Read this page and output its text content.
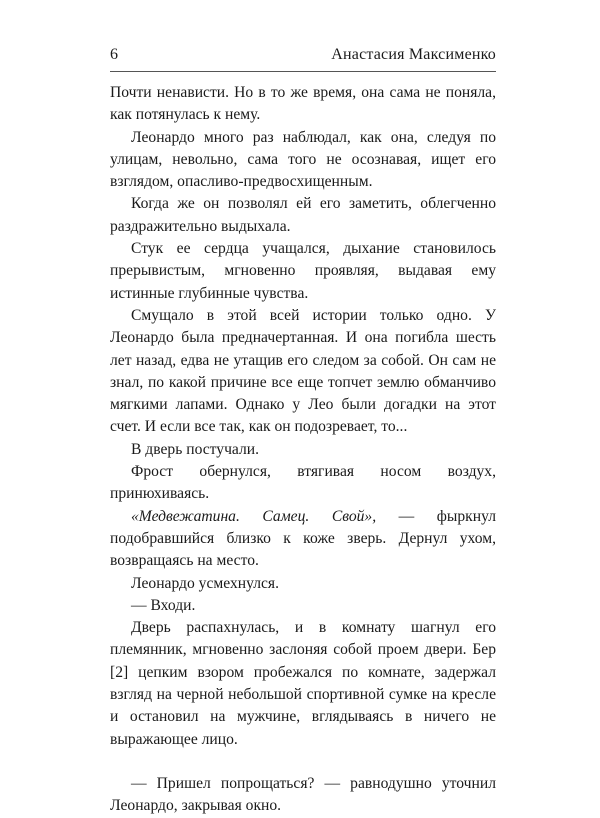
6	Анастасия Максименко

Почти ненависти. Но в то же время, она сама не поняла, как потянулась к нему.

Леонардо много раз наблюдал, как она, следуя по улицам, невольно, сама того не осознавая, ищет его взглядом, опасливо-предвосхищенным.

Когда же он позволял ей его заметить, облегченно раздражительно выдыхала.

Стук ее сердца учащался, дыхание становилось прерывистым, мгновенно проявляя, выдавая ему истинные глубинные чувства.

Смущало в этой всей истории только одно. У Леонардо была предначертанная. И она погибла шесть лет назад, едва не утащив его следом за собой. Он сам не знал, по какой причине все еще топчет землю обманчиво мягкими лапами. Однако у Лео были догадки на этот счет. И если все так, как он подозревает, то...

В дверь постучали.

Фрост обернулся, втягивая носом воздух, принюхиваясь.

«Медвежатина. Самец. Свой», — фыркнул подобравшийся близко к коже зверь. Дернул ухом, возвращаясь на место.

Леонардо усмехнулся.

— Входи.

Дверь распахнулась, и в комнату шагнул его племянник, мгновенно заслоняя собой проем двери. Бер [2] цепким взором пробежался по комнате, задержал взгляд на черной небольшой спортивной сумке на кресле и остановил на мужчине, вглядываясь в ничего не выражающее лицо.

— Пришел попрощаться? — равнодушно уточнил Леонардо, закрывая окно.
